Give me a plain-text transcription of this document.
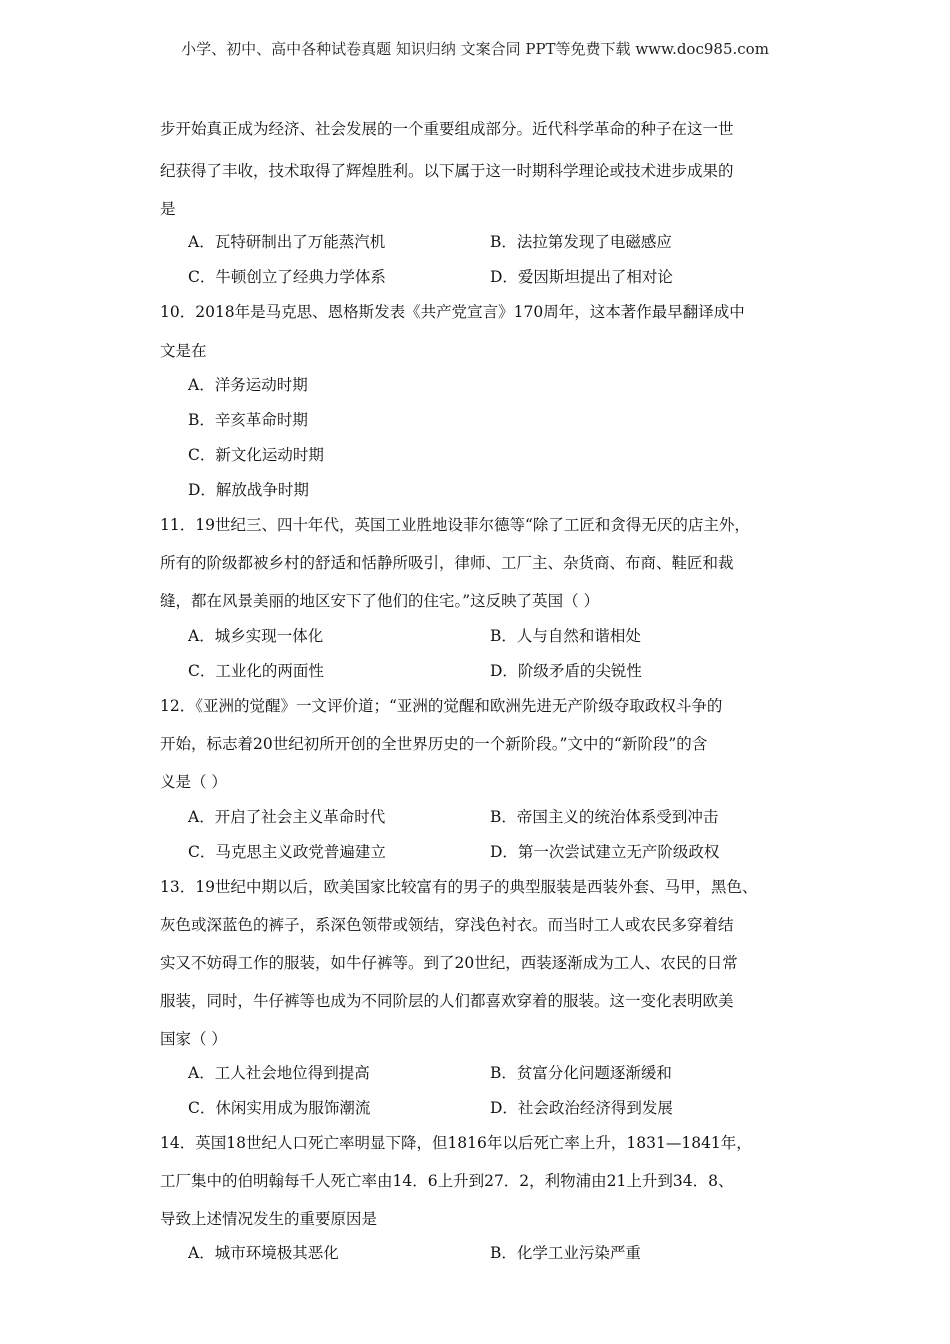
小学、初中、高中各种试卷真题 知识归纳 文案合同 PPT等免费下载 www.doc985.com
步开始真正成为经济、社会发展的一个重要组成部分。近代科学革命的种子在这一世
纪获得了丰收，技术取得了辉煌胜利。以下属于这一时期科学理论或技术进步成果的
是
A．瓦特研制出了万能蒸汽机	B．法拉第发现了电磁感应
C．牛顿创立了经典力学体系	D．爱因斯坦提出了相对论
10．2018年是马克思、恩格斯发表《共产党宣言》170周年，这本著作最早翻译成中
文是在
A．洋务运动时期
B．辛亥革命时期
C．新文化运动时期
D．解放战争时期
11．19世纪三、四十年代，英国工业胜地设菲尔德等“除了工匠和贪得无厌的店主外，
所有的阶级都被乡村的舒适和恬静所吸引，律师、工厂主、杂货商、布商、鞋匠和裁
缝，都在风景美丽的地区安下了他们的住宅。”这反映了英国（ ）
A．城乡实现一体化	B．人与自然和谐相处
C．工业化的两面性	D．阶级矛盾的尖锐性
12．《亚洲的觉醒》一文评价道；“亚洲的觉醒和欧洲先进无产阶级夺取政权斗争的
开始，标志着20世纪初所开创的全世界历史的一个新阶段。”文中的“新阶段”的含
义是（ ）
A．开启了社会主义革命时代	B．帝国主义的统治体系受到冲击
C．马克思主义政党普遍建立	D．第一次尝试建立无产阶级政权
13．19世纪中期以后，欧美国家比较富有的男子的典型服装是西装外套、马甲，黑色、
灰色或深蓝色的裤子，系深色领带或领结，穿浅色衬衣。而当时工人或农民多穿着结
实又不妨碍工作的服装，如牛仔裤等。到了20世纪，西装逐渐成为工人、农民的日常
服装，同时，牛仔裤等也成为不同阶层的人们都喜欢穿着的服装。这一变化表明欧美
国家（ ）
A．工人社会地位得到提高	B．贫富分化问题逐渐缓和
C．休闲实用成为服饰潮流	D．社会政治经济得到发展
14．英国18世纪人口死亡率明显下降，但1816年以后死亡率上升，1831—1841年，
工厂集中的伯明翰每千人死亡率由14．6上升到27．2，利物浦由21上升到34．8、
导致上述情况发生的重要原因是
A．城市环境极其恶化	B．化学工业污染严重
